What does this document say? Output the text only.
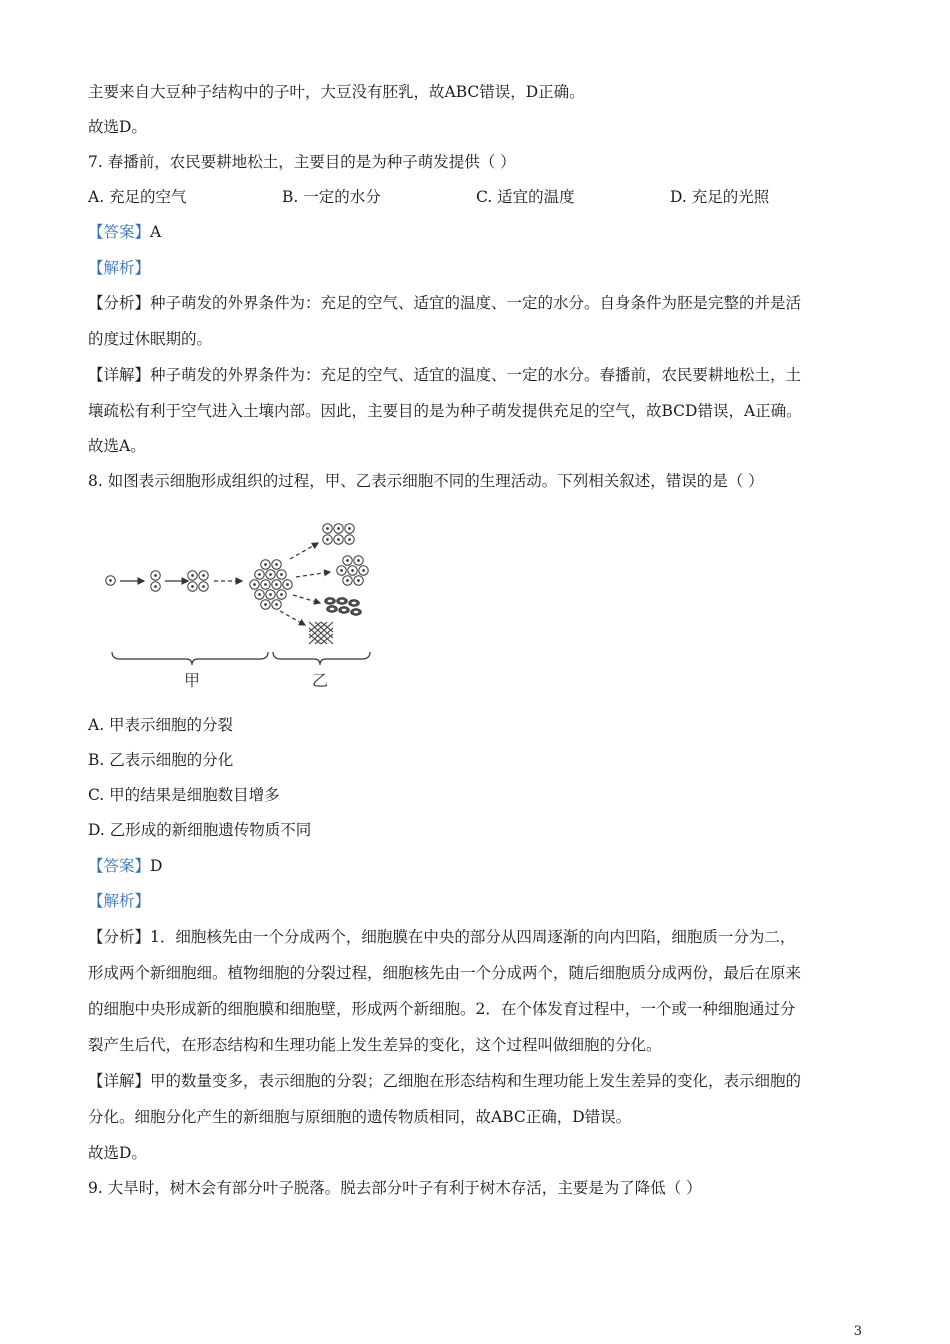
主要来自大豆种子结构中的子叶，大豆没有胚乳，故ABC错误，D正确。
故选D。
7. 春播前，农民要耕地松土，主要目的是为种子萌发提供（ ）
A. 充足的空气	B. 一定的水分	C. 适宜的温度	D. 充足的光照
【答案】A
【解析】
【分析】种子萌发的外界条件为：充足的空气、适宜的温度、一定的水分。自身条件为胚是完整的并是活
的度过休眠期的。
【详解】种子萌发的外界条件为：充足的空气、适宜的温度、一定的水分。春播前，农民要耕地松土，土
壤疏松有利于空气进入土壤内部。因此，主要目的是为种子萌发提供充足的空气，故BCD错误，A正确。
故选A。
8. 如图表示细胞形成组织的过程，甲、乙表示细胞不同的生理活动。下列相关叙述，错误的是（ ）
甲	乙
A. 甲表示细胞的分裂
B. 乙表示细胞的分化
C. 甲的结果是细胞数目增多
D. 乙形成的新细胞遗传物质不同
【答案】D
【解析】
【分析】1．细胞核先由一个分成两个，细胞膜在中央的部分从四周逐渐的向内凹陷，细胞质一分为二，
形成两个新细胞细。植物细胞的分裂过程，细胞核先由一个分成两个，随后细胞质分成两份，最后在原来
的细胞中央形成新的细胞膜和细胞壁，形成两个新细胞。2．在个体发育过程中，一个或一种细胞通过分
裂产生后代，在形态结构和生理功能上发生差异的变化，这个过程叫做细胞的分化。
【详解】甲的数量变多，表示细胞的分裂；乙细胞在形态结构和生理功能上发生差异的变化，表示细胞的
分化。细胞分化产生的新细胞与原细胞的遗传物质相同，故ABC正确，D错误。
故选D。
9. 大旱时，树木会有部分叶子脱落。脱去部分叶子有利于树木存活，主要是为了降低（ ）
3
